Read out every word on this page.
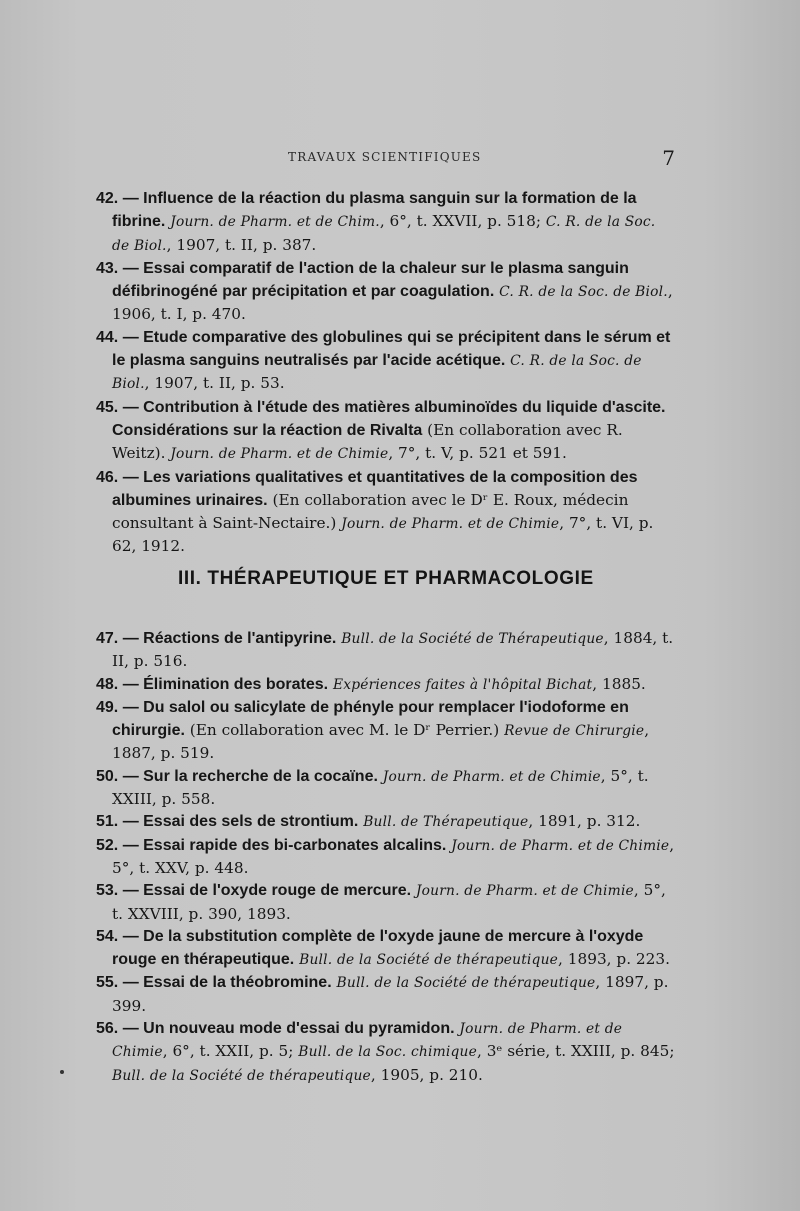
TRAVAUX SCIENTIFIQUES	7

42. — Influence de la réaction du plasma sanguin sur la formation de la fibrine. Journ. de Pharm. et de Chim., 6°, t. XXVII, p. 518; C. R. de la Soc. de Biol., 1907, t. II, p. 387.

43. — Essai comparatif de l'action de la chaleur sur le plasma sanguin défibrinogéné par précipitation et par coagulation. C. R. de la Soc. de Biol., 1906, t. I, p. 470.

44. — Etude comparative des globulines qui se précipitent dans le sérum et le plasma sanguins neutralisés par l'acide acétique. C. R. de la Soc. de Biol., 1907, t. II, p. 53.

45. — Contribution à l'étude des matières albuminoïdes du liquide d'ascite. Considérations sur la réaction de Rivalta (En collaboration avec R. Weitz). Journ. de Pharm. et de Chimie, 7°, t. V, p. 521 et 591.

46. — Les variations qualitatives et quantitatives de la composition des albumines urinaires. (En collaboration avec le Dʳ E. Roux, médecin consultant à Saint-Nectaire.) Journ. de Pharm. et de Chimie, 7°, t. VI, p. 62, 1912.

III. THÉRAPEUTIQUE ET PHARMACOLOGIE

47. — Réactions de l'antipyrine. Bull. de la Société de Thérapeutique, 1884, t. II, p. 516.

48. — Élimination des borates. Expériences faites à l'hôpital Bichat, 1885.

49. — Du salol ou salicylate de phényle pour remplacer l'iodoforme en chirurgie. (En collaboration avec M. le Dʳ Perrier.) Revue de Chirurgie, 1887, p. 519.

50. — Sur la recherche de la cocaïne. Journ. de Pharm. et de Chimie, 5°, t. XXIII, p. 558.

51. — Essai des sels de strontium. Bull. de Thérapeutique, 1891, p. 312.

52. — Essai rapide des bi-carbonates alcalins. Journ. de Pharm. et de Chimie, 5°, t. XXV, p. 448.

53. — Essai de l'oxyde rouge de mercure. Journ. de Pharm. et de Chimie, 5°, t. XXVIII, p. 390, 1893.

54. — De la substitution complète de l'oxyde jaune de mercure à l'oxyde rouge en thérapeutique. Bull. de la Société de thérapeutique, 1893, p. 223.

55. — Essai de la théobromine. Bull. de la Société de thérapeutique, 1897, p. 399.

56. — Un nouveau mode d'essai du pyramidon. Journ. de Pharm. et de Chimie, 6°, t. XXII, p. 5; Bull. de la Soc. chimique, 3ᵉ série, t. XXIII, p. 845; Bull. de la Société de thérapeutique, 1905, p. 210.
